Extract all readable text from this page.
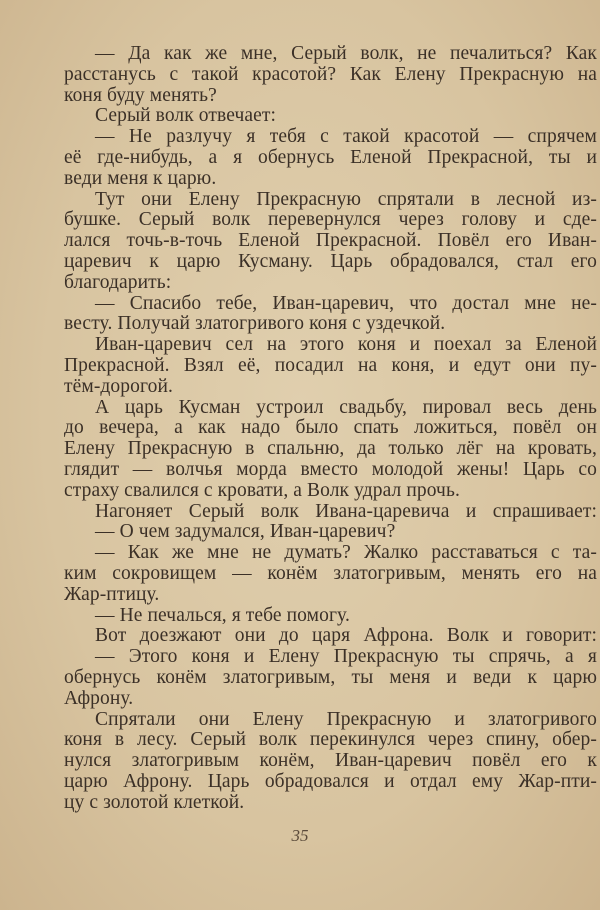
— Да как же мне, Серый волк, не печалиться? Как
расстанусь с такой красотой? Как Елену Прекрасную на
коня буду менять?
Серый волк отвечает:
— Не разлучу я тебя с такой красотой — спрячем
её где-нибудь, а я обернусь Еленой Прекрасной, ты и
веди меня к царю.
Тут они Елену Прекрасную спрятали в лесной из-
бушке. Серый волк перевернулся через голову и сде-
лался точь-в-точь Еленой Прекрасной. Повёл его Иван-
царевич к царю Кусману. Царь обрадовался, стал его
благодарить:
— Спасибо тебе, Иван-царевич, что достал мне не-
весту. Получай златогривого коня с уздечкой.
Иван-царевич сел на этого коня и поехал за Еленой
Прекрасной. Взял её, посадил на коня, и едут они пу-
тём-дорогой.
А царь Кусман устроил свадьбу, пировал весь день
до вечера, а как надо было спать ложиться, повёл он
Елену Прекрасную в спальню, да только лёг на кровать,
глядит — волчья морда вместо молодой жены! Царь со
страху свалился с кровати, а Волк удрал прочь.
Нагоняет Серый волк Ивана-царевича и спрашивает:
— О чем задумался, Иван-царевич?
— Как же мне не думать? Жалко расставаться с та-
ким сокровищем — конём златогривым, менять его на
Жар-птицу.
— Не печалься, я тебе помогу.
Вот доезжают они до царя Афрона. Волк и говорит:
— Этого коня и Елену Прекрасную ты спрячь, а я
обернусь конём златогривым, ты меня и веди к царю
Афрону.
Спрятали они Елену Прекрасную и златогривого
коня в лесу. Серый волк перекинулся через спину, обер-
нулся златогривым конём, Иван-царевич повёл его к
царю Афрону. Царь обрадовался и отдал ему Жар-пти-
цу с золотой клеткой.
35
